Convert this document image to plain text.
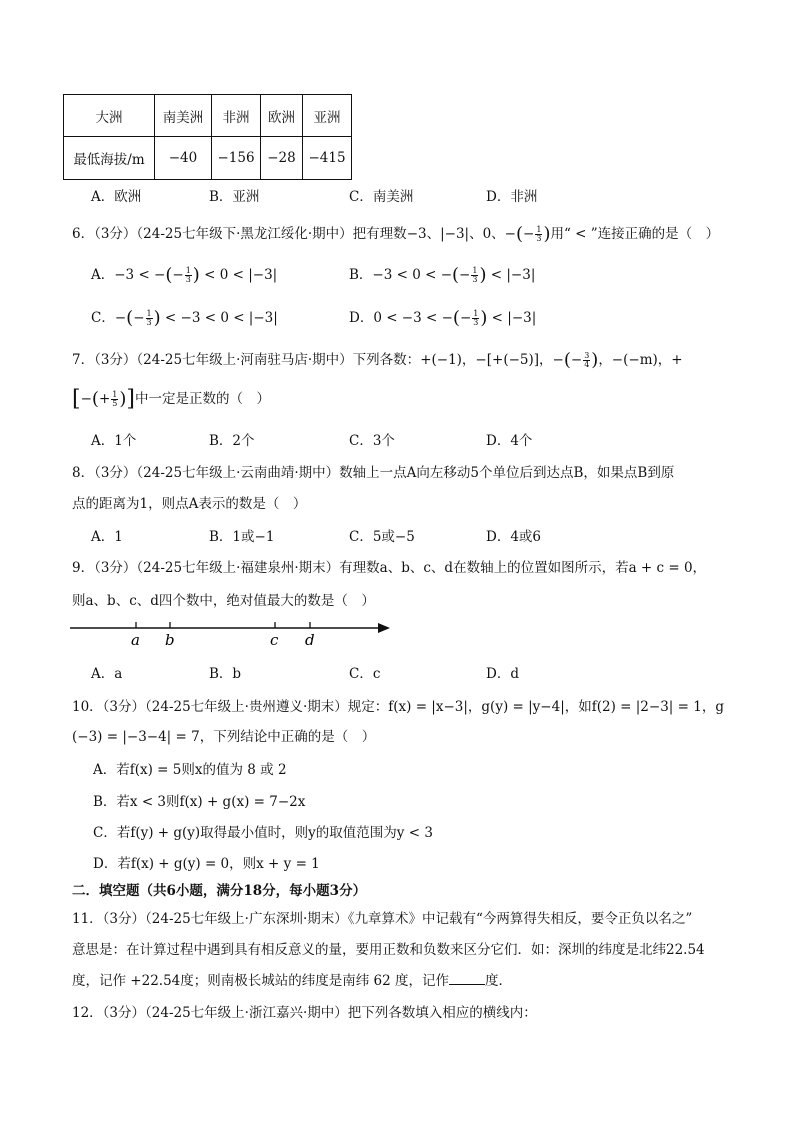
大洲	南美洲	非洲	欧洲	亚洲
最低海拔/m	−40	−156	−28	−415
A．欧洲	B．亚洲	C．南美洲	D．非洲
6．（3分）（24-25七年级下·黑龙江绥化·期中）把有理数−3、|−3|、0、−(− $\frac{1}{3}$ )用“ < ”连接正确的是（　）
A．−3 < −(− $\frac{1}{3}$ ) < 0 < |−3|	B．−3 < 0 < −(− $\frac{1}{3}$ ) < |−3|
C．−(− $\frac{1}{3}$ ) < −3 < 0 < |−3|	D．0 < −3 < −(− $\frac{1}{3}$ ) < |−3|
7．（3分）（24-25七年级上·河南驻马店·期中）下列各数：+(−1)，−[+(−5)]，−(− $\frac{3}{4}$ )，−(−m)，+
[−(+ $\frac{1}{5}$ )]中一定是正数的（　）
A．1个	B．2个	C．3个	D．4个
8．（3分）（24-25七年级上·云南曲靖·期中）数轴上一点A向左移动5个单位后到达点B，如果点B到原
点的距离为1，则点A表示的数是（　）
A．1	B．1或−1	C．5或−5	D．4或6
9．（3分）（24-25七年级上·福建泉州·期末）有理数a、b、c、d在数轴上的位置如图所示，若a + c = 0，
则a、b、c、d四个数中，绝对值最大的数是（　）
a b	c d
A．a	B．b	C．c	D．d
10．（3分）（24-25七年级上·贵州遵义·期末）规定：f(x) = |x−3|，g(y) = |y−4|，如f(2) = |2−3| = 1，g
(−3) = |−3−4| = 7，下列结论中正确的是（　）
A．若f(x) = 5则x的值为 8 或 2
B．若x < 3则f(x) + g(x) = 7−2x
C．若f(y) + g(y)取得最小值时，则y的取值范围为y < 3
D．若f(x) + g(y) = 0，则x + y = 1
二．填空题（共6小题，满分18分，每小题3分）
11．（3分）（24-25七年级上·广东深圳·期末）《九章算术》中记载有“今两算得失相反，要令正负以名之”
意思是：在计算过程中遇到具有相反意义的量，要用正数和负数来区分它们．如：深圳的纬度是北纬22.54
度，记作 +22.54度；则南极长城站的纬度是南纬 62 度，记作	度．
12．（3分）（24-25七年级上·浙江嘉兴·期中）把下列各数填入相应的横线内：
